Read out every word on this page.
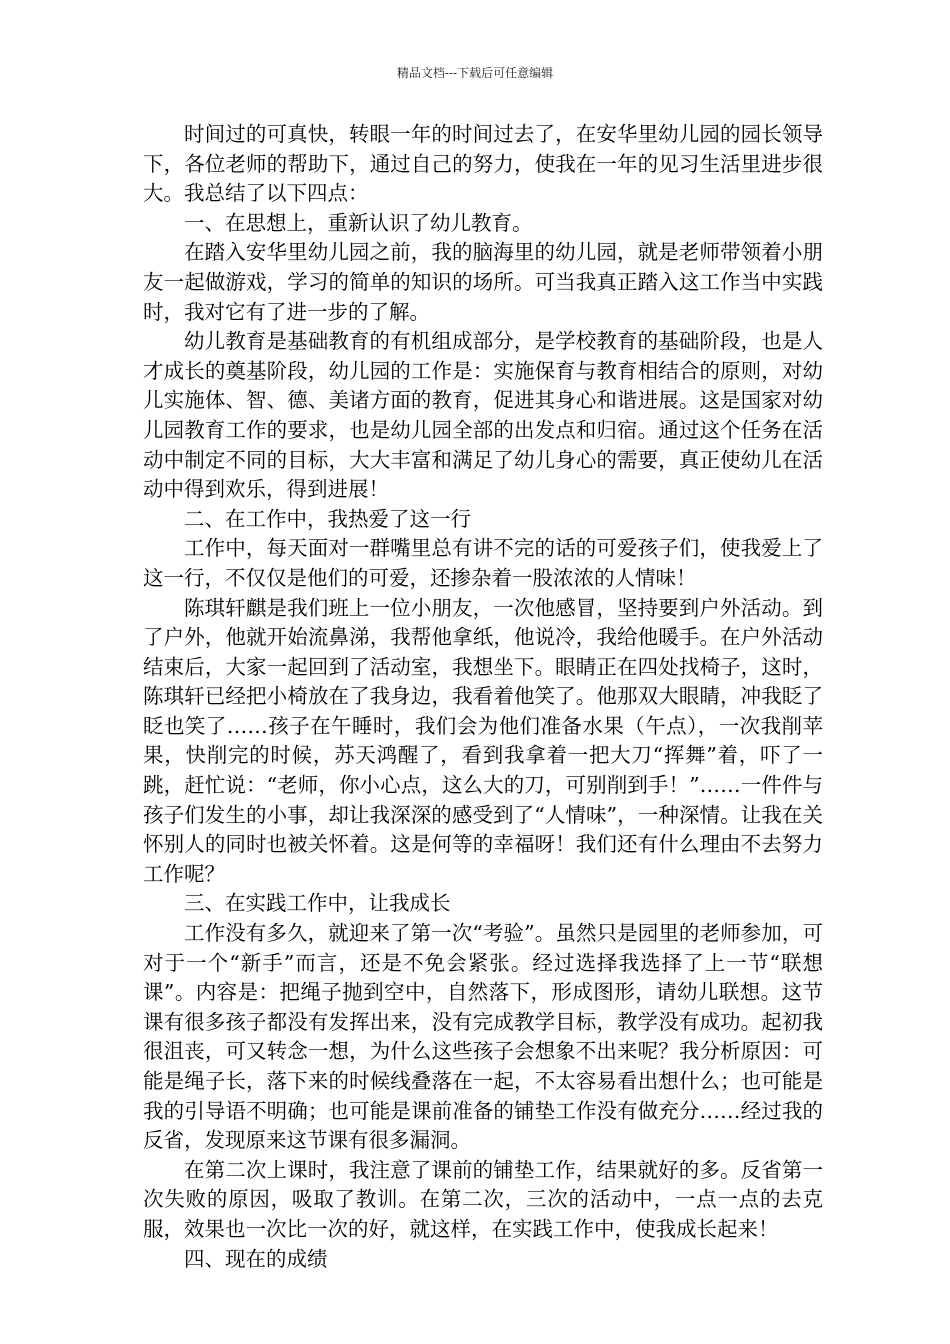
精品文档---下载后可任意编辑

时间过的可真快，转眼一年的时间过去了，在安华里幼儿园的园长领导下，各位老师的帮助下，通过自己的努力，使我在一年的见习生活里进步很大。我总结了以下四点：

一、在思想上，重新认识了幼儿教育。

在踏入安华里幼儿园之前，我的脑海里的幼儿园，就是老师带领着小朋友一起做游戏，学习的简单的知识的场所。可当我真正踏入这工作当中实践时，我对它有了进一步的了解。

幼儿教育是基础教育的有机组成部分，是学校教育的基础阶段，也是人才成长的奠基阶段，幼儿园的工作是：实施保育与教育相结合的原则，对幼儿实施体、智、德、美诸方面的教育，促进其身心和谐进展。这是国家对幼儿园教育工作的要求，也是幼儿园全部的出发点和归宿。通过这个任务在活动中制定不同的目标，大大丰富和满足了幼儿身心的需要，真正使幼儿在活动中得到欢乐，得到进展！

二、在工作中，我热爱了这一行

工作中，每天面对一群嘴里总有讲不完的话的可爱孩子们，使我爱上了这一行，不仅仅是他们的可爱，还掺杂着一股浓浓的人情味！

陈琪轩麒是我们班上一位小朋友，一次他感冒，坚持要到户外活动。到了户外，他就开始流鼻涕，我帮他拿纸，他说冷，我给他暖手。在户外活动结束后，大家一起回到了活动室，我想坐下。眼睛正在四处找椅子，这时，陈琪轩已经把小椅放在了我身边，我看着他笑了。他那双大眼睛，冲我眨了眨也笑了……孩子在午睡时，我们会为他们准备水果（午点），一次我削苹果，快削完的时候，苏天鸿醒了，看到我拿着一把大刀“挥舞”着，吓了一跳，赶忙说：“老师，你小心点，这么大的刀，可别削到手！”……一件件与孩子们发生的小事，却让我深深的感受到了“人情味”，一种深情。让我在关怀别人的同时也被关怀着。这是何等的幸福呀！我们还有什么理由不去努力工作呢？

三、在实践工作中，让我成长

工作没有多久，就迎来了第一次“考验”。虽然只是园里的老师参加，可对于一个“新手”而言，还是不免会紧张。经过选择我选择了上一节“联想课”。内容是：把绳子抛到空中，自然落下，形成图形，请幼儿联想。这节课有很多孩子都没有发挥出来，没有完成教学目标，教学没有成功。起初我很沮丧，可又转念一想，为什么这些孩子会想象不出来呢？我分析原因：可能是绳子长，落下来的时候线叠落在一起，不太容易看出想什么；也可能是我的引导语不明确；也可能是课前准备的铺垫工作没有做充分……经过我的反省，发现原来这节课有很多漏洞。

在第二次上课时，我注意了课前的铺垫工作，结果就好的多。反省第一次失败的原因，吸取了教训。在第二次，三次的活动中，一点一点的去克服，效果也一次比一次的好，就这样，在实践工作中，使我成长起来！

四、现在的成绩
